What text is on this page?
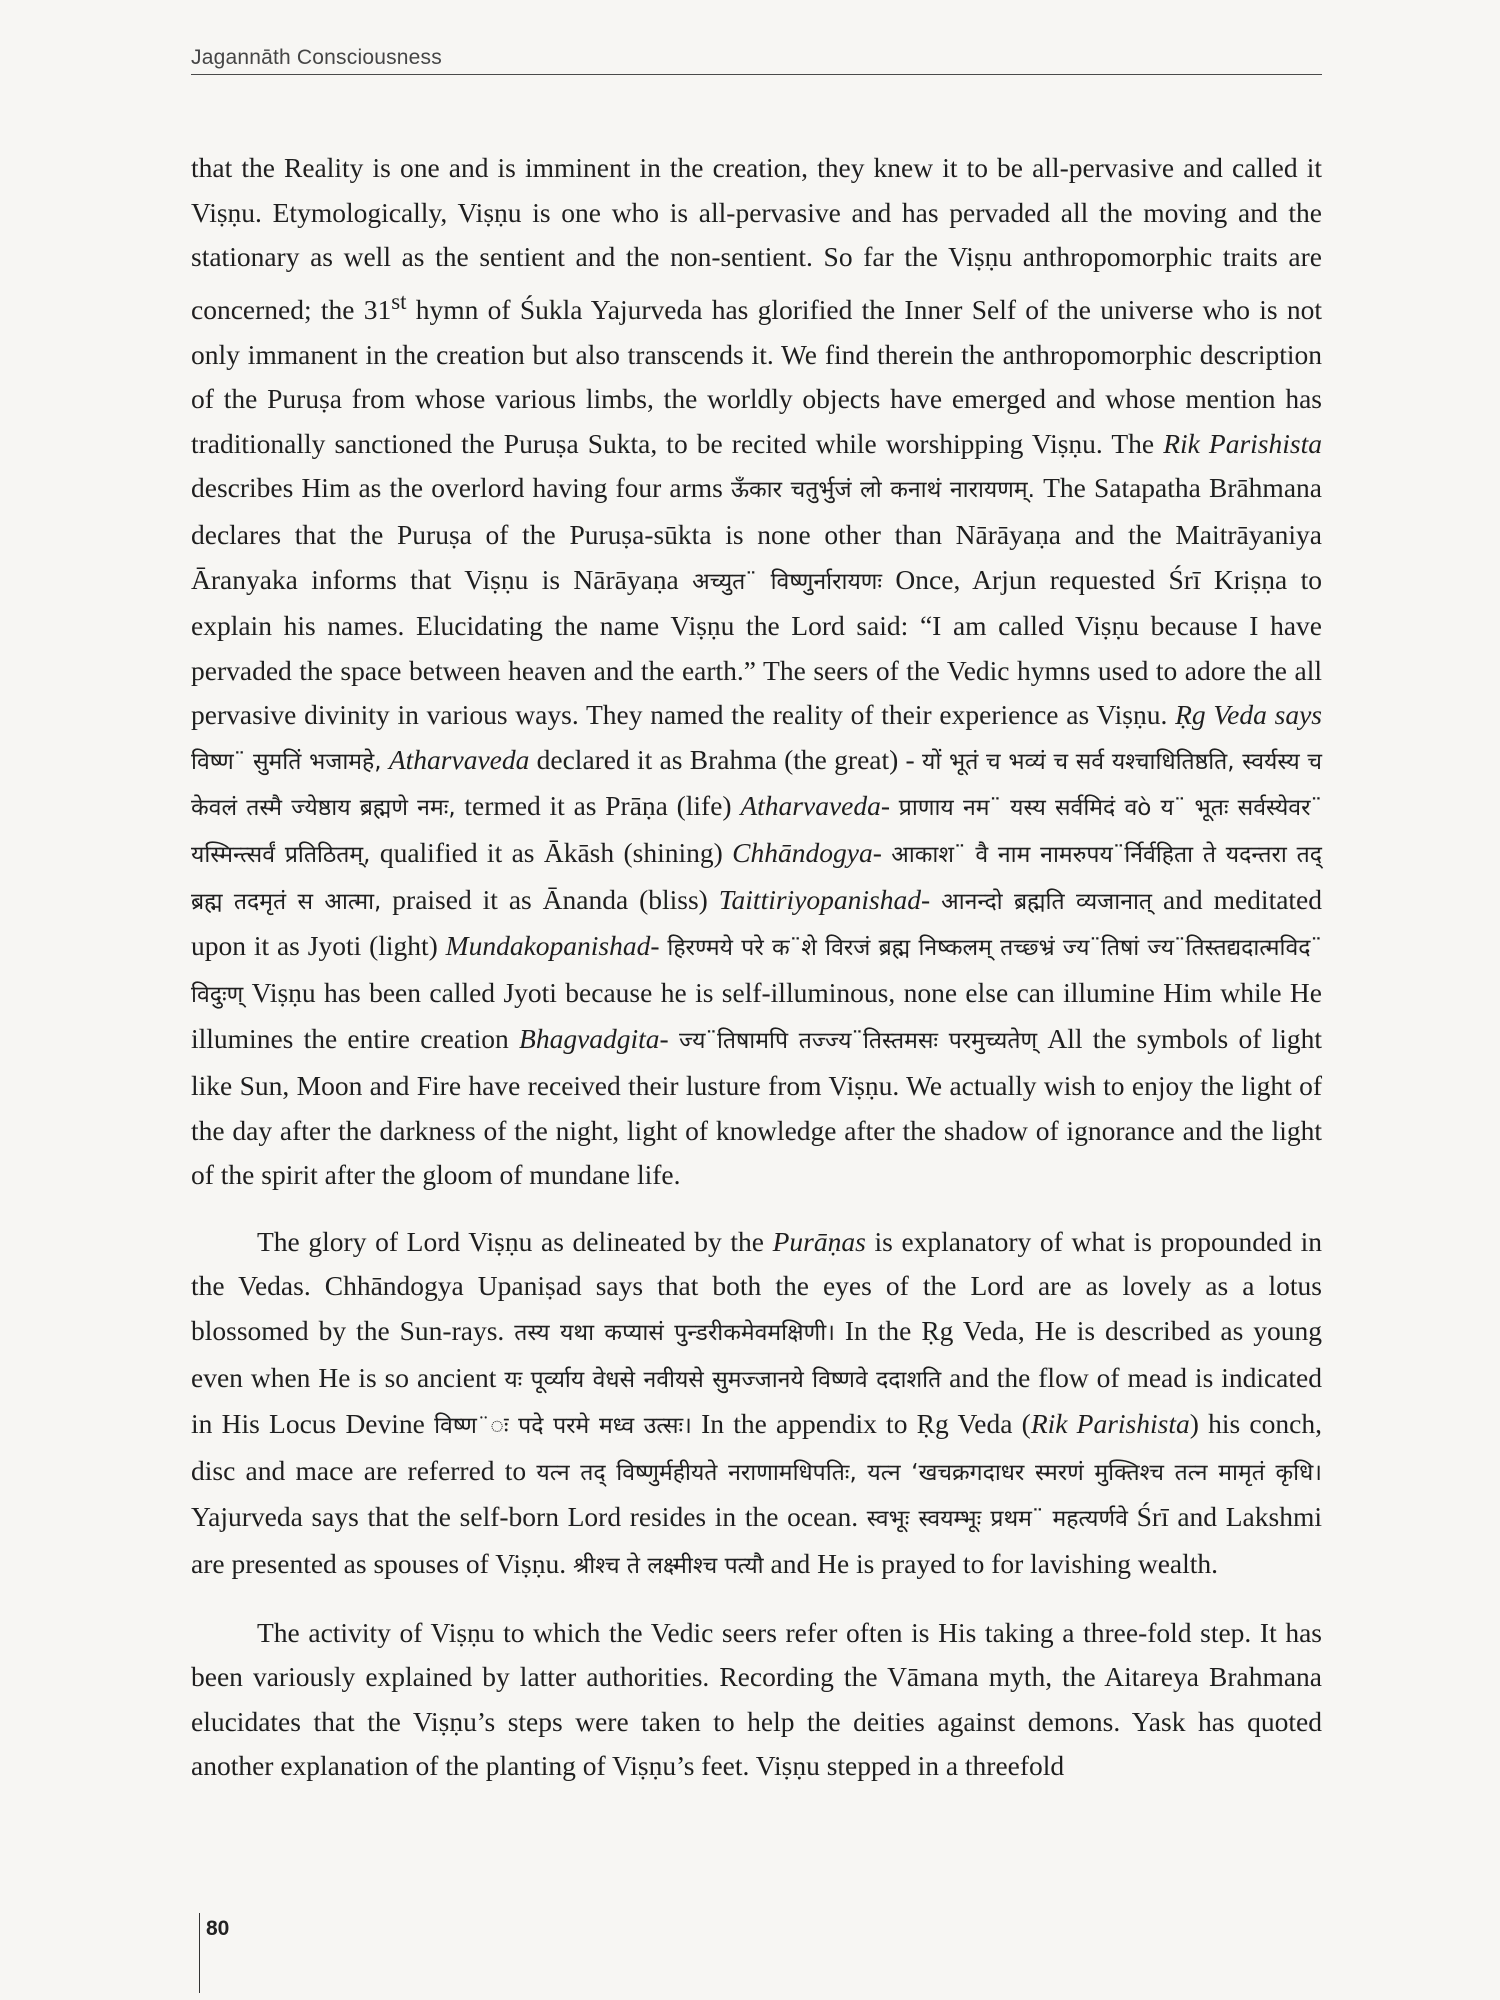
Jagannāth Consciousness

that the Reality is one and is imminent in the creation, they knew it to be all-pervasive and called it Viṣṇu. Etymologically, Viṣṇu is one who is all-pervasive and has pervaded all the moving and the stationary as well as the sentient and the non-sentient. So far the Viṣṇu anthropomorphic traits are concerned; the 31st hymn of Śukla Yajurveda has glorified the Inner Self of the universe who is not only immanent in the creation but also transcends it. We find therein the anthropomorphic description of the Puruṣa from whose various limbs, the worldly objects have emerged and whose mention has traditionally sanctioned the Puruṣa Sukta, to be recited while worshipping Viṣṇu. The Rik Parishista describes Him as the overlord having four arms ऊँकार चतुर्भुजं लो कनाथं नारायणम्. The Satapatha Brāhmana declares that the Puruṣa of the Puruṣa-sūkta is none other than Nārāyaṇa and the Maitrāyaniya Āranyaka informs that Viṣṇu is Nārāyaṇa अच्युत¨ विष्णुर्नारायणः Once, Arjun requested Śrī Kriṣṇa to explain his names. Elucidating the name Viṣṇu the Lord said: “I am called Viṣṇu because I have pervaded the space between heaven and the earth.” The seers of the Vedic hymns used to adore the all pervasive divinity in various ways. They named the reality of their experience as Viṣṇu. Ṛg Veda says विष्ण¨ सुमतिं भजामहे, Atharvaveda declared it as Brahma (the great) - यों भूतं च भव्यं च सर्व यश्चाधितिष्ठति, स्वर्यस्य च केवलं तस्मै ज्येष्ठाय ब्रह्मणे नमः, termed it as Prāṇa (life) Atharvaveda- प्राणाय नम¨ यस्य सर्वमिदं वò य¨ भूतः सर्वस्येवर¨ यस्मिन्त्सर्वं प्रतिठितम्, qualified it as Ākāsh (shining) Chhāndogya- आकाश¨ वै नाम नामरुपय¨र्निर्वहिता ते यदन्तरा तद् ब्रह्म तदमृतं स आत्मा, praised it as Ānanda (bliss) Taittiriyopanishad- आनन्दो ब्रह्मति व्यजानात् and meditated upon it as Jyoti (light) Mundakopanishad- हिरण्मये परे क¨शे विरजं ब्रह्म निष्कलम् तच्छ्भ्रं ज्य¨तिषां ज्य¨तिस्तद्यदात्मविद¨ विदुःण् Viṣṇu has been called Jyoti because he is self-illuminous, none else can illumine Him while He illumines the entire creation Bhagvadgita- ज्य¨तिषामपि तज्ज्य¨तिस्तमसः परमुच्यतेण् All the symbols of light like Sun, Moon and Fire have received their lusture from Viṣṇu. We actually wish to enjoy the light of the day after the darkness of the night, light of knowledge after the shadow of ignorance and the light of the spirit after the gloom of mundane life.

The glory of Lord Viṣṇu as delineated by the Purāṇas is explanatory of what is propounded in the Vedas. Chhāndogya Upaniṣad says that both the eyes of the Lord are as lovely as a lotus blossomed by the Sun-rays. तस्य यथा कप्यासं पुन्डरीकमेवमक्षिणी। In the Ṛg Veda, He is described as young even when He is so ancient यः पूर्व्याय वेधसे नवीयसे सुमज्जानये विष्णवे ददाशति and the flow of mead is indicated in His Locus Devine विष्ण¨ः पदे परमे मध्व उत्सः। In the appendix to Ṛg Veda (Rik Parishista) his conch, disc and mace are referred to यत्न तद् विष्णुर्महीयते नराणामधिपतिः, यत्न ‘खचक्रगदाधर स्मरणं मुक्तिश्च तत्न मामृतं कृधि। Yajurveda says that the self-born Lord resides in the ocean. स्वभूः स्वयम्भूः प्रथम¨ महत्यर्णवे Śrī and Lakshmi are presented as spouses of Viṣṇu. श्रीश्च ते लक्ष्मीश्च पत्यौ and He is prayed to for lavishing wealth.

The activity of Viṣṇu to which the Vedic seers refer often is His taking a three-fold step. It has been variously explained by latter authorities. Recording the Vāmana myth, the Aitareya Brahmana elucidates that the Viṣṇu’s steps were taken to help the deities against demons. Yask has quoted another explanation of the planting of Viṣṇu’s feet. Viṣṇu stepped in a threefold

80
